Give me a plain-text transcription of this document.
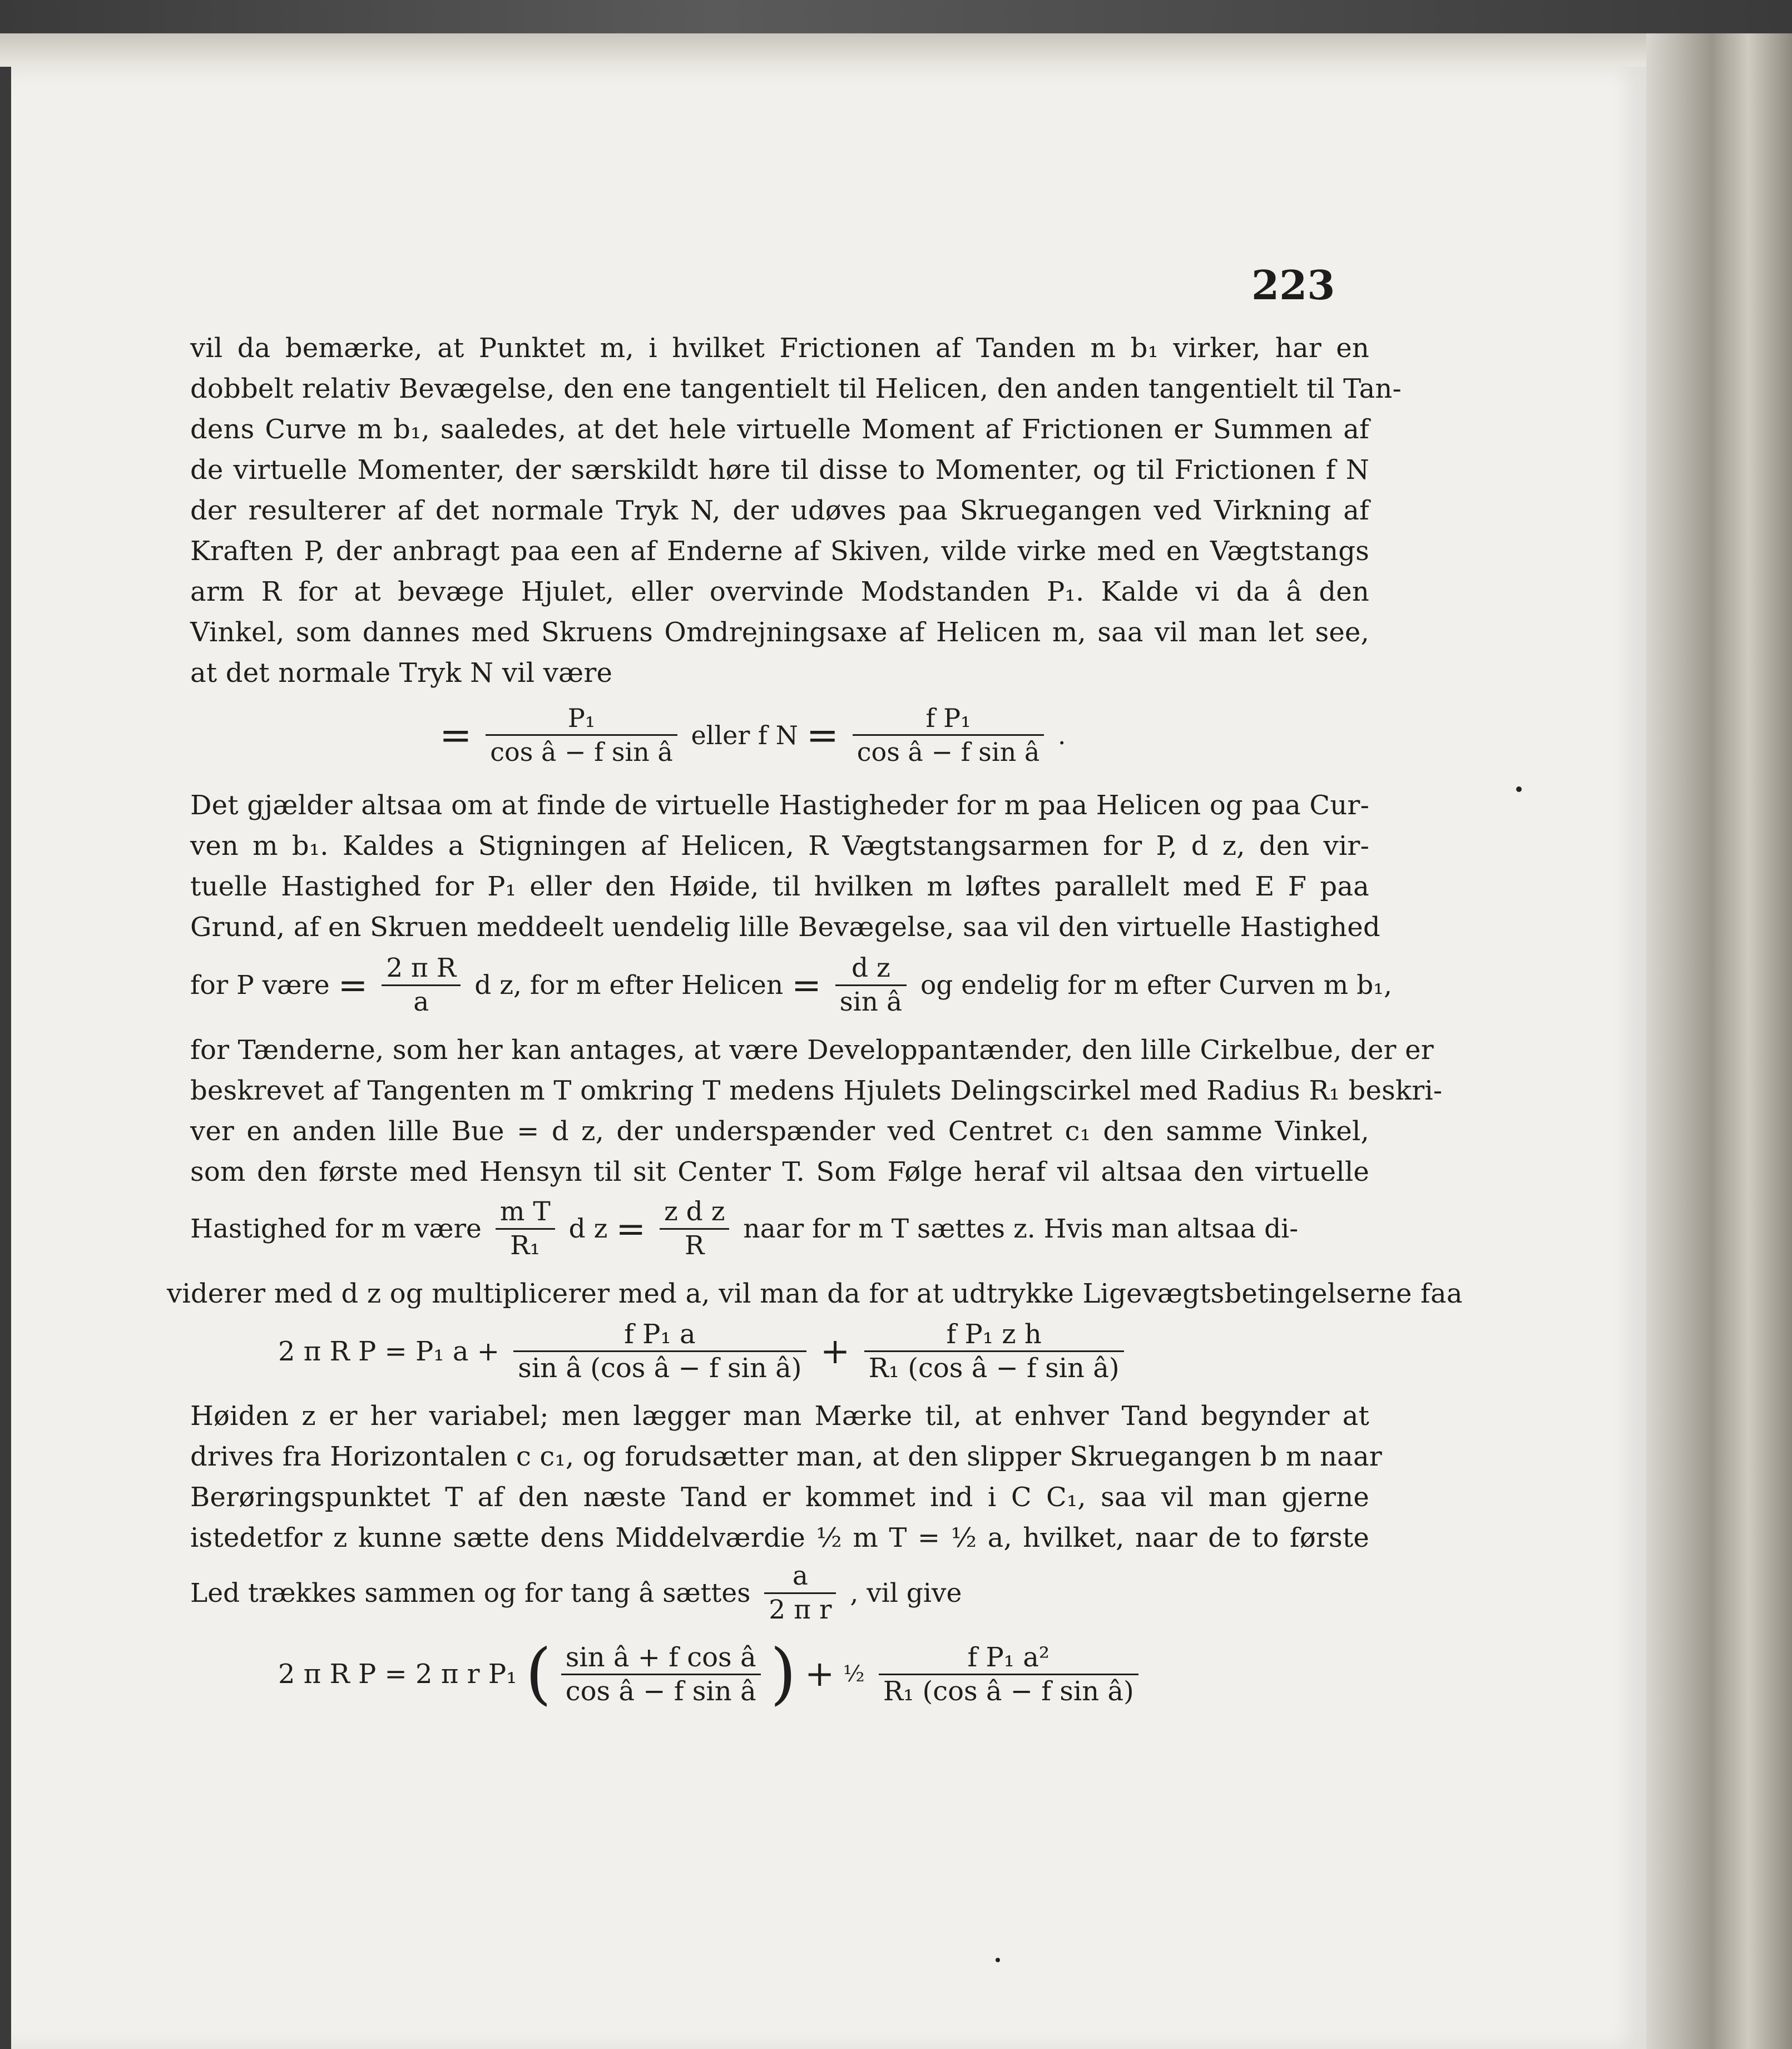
223
vil da bemærke, at Punktet m, i hvilket Frictionen af Tanden m b₁ virker, har en
dobbelt relativ Bevægelse, den ene tangentielt til Helicen, den anden tangentielt til Tan-
dens Curve m b₁, saaledes, at det hele virtuelle Moment af Frictionen er Summen af
de virtuelle Momenter, der særskildt høre til disse to Momenter, og til Frictionen f N
der resulterer af det normale Tryk N, der udøves paa Skruegangen ved Virkning af
Kraften P, der anbragt paa een af Enderne af Skiven, vilde virke med en Vægtstangs
arm R for at bevæge Hjulet, eller overvinde Modstanden P₁. Kalde vi da â den
Vinkel, som dannes med Skruens Omdrejningsaxe af Helicen m, saa vil man let see,
at det normale Tryk N vil være
= $\frac{\text{P₁}}{\text{cos â − f sin â}}$ eller f $N = \frac{\text{f P₁}}{\text{cos â − f sin â}}$ .
Det gjælder altsaa om at finde de virtuelle Hastigheder for m paa Helicen og paa Cur-
ven m b₁. Kaldes a Stigningen af Helicen, R Vægtstangsarmen for P, d z, den vir-
tuelle Hastighed for P₁ eller den Høide, til hvilken m løftes parallelt med E F paa
Grund, af en Skruen meddeelt uendelig lille Bevægelse, saa vil den virtuelle Hastighed
for P være = $\frac{\text{2 π R}}{a}$ d z, for m efter Helicen = $\frac{\text{d z}}{\text{sin â}}$ og endelig for m efter Curven m b₁,
for Tænderne, som her kan antages, at være Developpantænder, den lille Cirkelbue, der er
beskrevet af Tangenten m T omkring T medens Hjulets Delingscirkel med Radius R₁ beskri-
ver en anden lille Bue = d z, der underspænder ved Centret c₁ den samme Vinkel,
som den første med Hensyn til sit Center T. Som Følge heraf vil altsaa den virtuelle
Hastighed for m være $\frac{\text{m T}}{\text{R₁}}$ d $z = \frac{\text{z d z}}{R}$ naar for m T sættes z. Hvis man altsaa di-
viderer med d z og multiplicerer med a, vil man da for at udtrykke Ligevægtsbetingelserne faa
2 π R P = P₁ $a + \frac{\text{f P₁ a}}{\text{sin â (cos â − f sin â)}} + \frac{\text{f P₁ z h}}{\text{R₁ (cos â − f sin â)}}$
Høiden z er her variabel; men lægger man Mærke til, at enhver Tand begynder at
drives fra Horizontalen c c₁, og forudsætter man, at den slipper Skruegangen b m naar
Berøringspunktet T af den næste Tand er kommet ind i C C₁, saa vil man gjerne
istedetfor z kunne sætte dens Middelværdie ½ m T = ½ a, hvilket, naar de to første
Led trækkes sammen og for tang â sættes $\frac{a}{\text{2 π r}}$ , vil give
2 π R P = 2 π r P₁ ( $\frac{\text{sin â + f cos â}}{\text{cos â − f sin â}}$ ) + ½ $\frac{\text{f P₁ a²}}{\text{R₁ (cos â − f sin â)}}$
